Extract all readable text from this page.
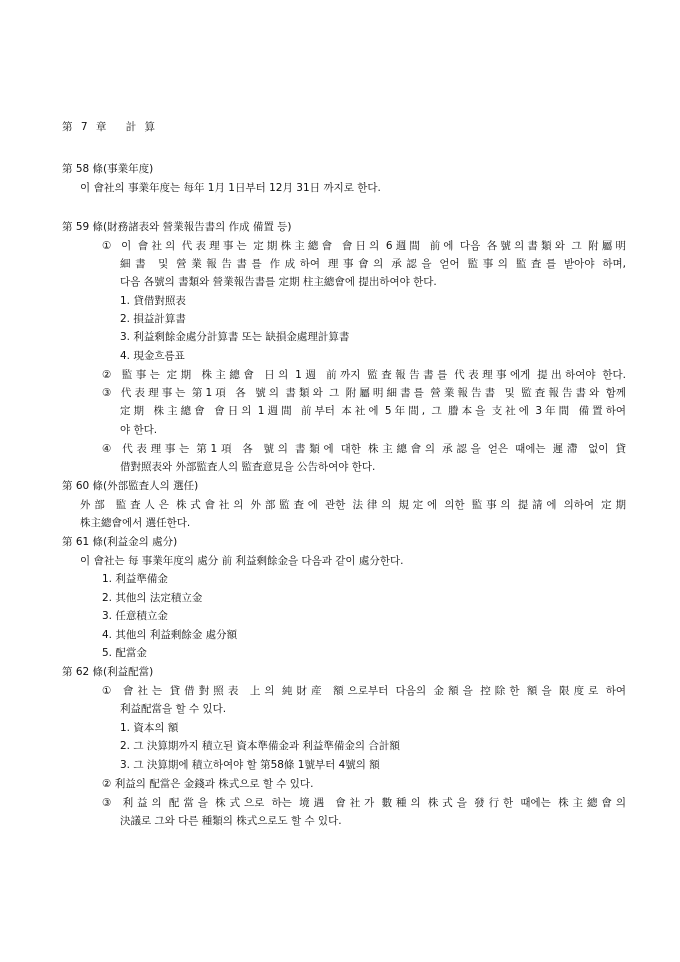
第 7 章　 計 算
第 58 條(事業年度)
이 會社의 事業年度는 每年 1月 1日부터 12月 31日 까지로 한다.
第 59 條(財務諸表와 營業報告書의 作成 備置 등)
① 이 會社의 代表理事는 定期株主總會 會日의 6週間 前에 다음 各號의書類와 그 附屬明
細書 및 營業報告書를 作成하여 理事會의 承認을 얻어 監事의 監査를 받아야 하며,
다음 各號의 書類와 營業報告書를 定期 柱主總會에 提出하여야 한다.
1. 貸借對照表
2. 損益計算書
3. 利益剩餘金處分計算書 또는 缺損金處理計算書
4. 現金흐름표
② 監事는 定期 株主總會 日의 1週 前까지 監査報告書를 代表理事에게 提出하여야 한다.
③ 代表理事는 第1項 各 號의 書類와 그 附屬明細書를 營業報告書 및 監査報告書와 함께
定期 株主總會 會日의 1週間 前부터 本社에 5年間, 그 謄本을 支社에 3年間 備置하여
야 한다.
④ 代表理事는 第1項 各 號의 書類에 대한 株主總會의 承認을 얻은 때에는 遲滯 없이 貸
借對照表와 外部監査人의 監査意見을 公告하여야 한다.
第 60 條(外部監査人의 選任)
外部 監査人은 株式會社의 外部監査에 관한 法律의 規定에 의한 監事의 提請에 의하여 定期
株主總會에서 選任한다.
第 61 條(利益金의 處分)
이 會社는 每 事業年度의 處分 前 利益剩餘金을 다음과 같이 處分한다.
1. 利益準備金
2. 其他의 法定積立金
3. 任意積立金
4. 其他의 利益剩餘金 處分額
5. 配當金
第 62 條(利益配當)
① 會社는 貸借對照表 上의 純財産 額으로부터 다음의 金額을 控除한 額을 限度로 하여
利益配當을 할 수 있다.
1. 資本의 額
2. 그 決算期까지 積立된 資本準備金과 利益準備金의 合計額
3. 그 決算期에 積立하여야 할 第58條 1號부터 4號의 額
② 利益의 配當은 金錢과 株式으로 할 수 있다.
③ 利益의 配當을 株式으로 하는 境遇 會社가 數種의 株式을 發行한 때에는 株主總會의
決議로 그와 다른 種類의 株式으로도 할 수 있다.
